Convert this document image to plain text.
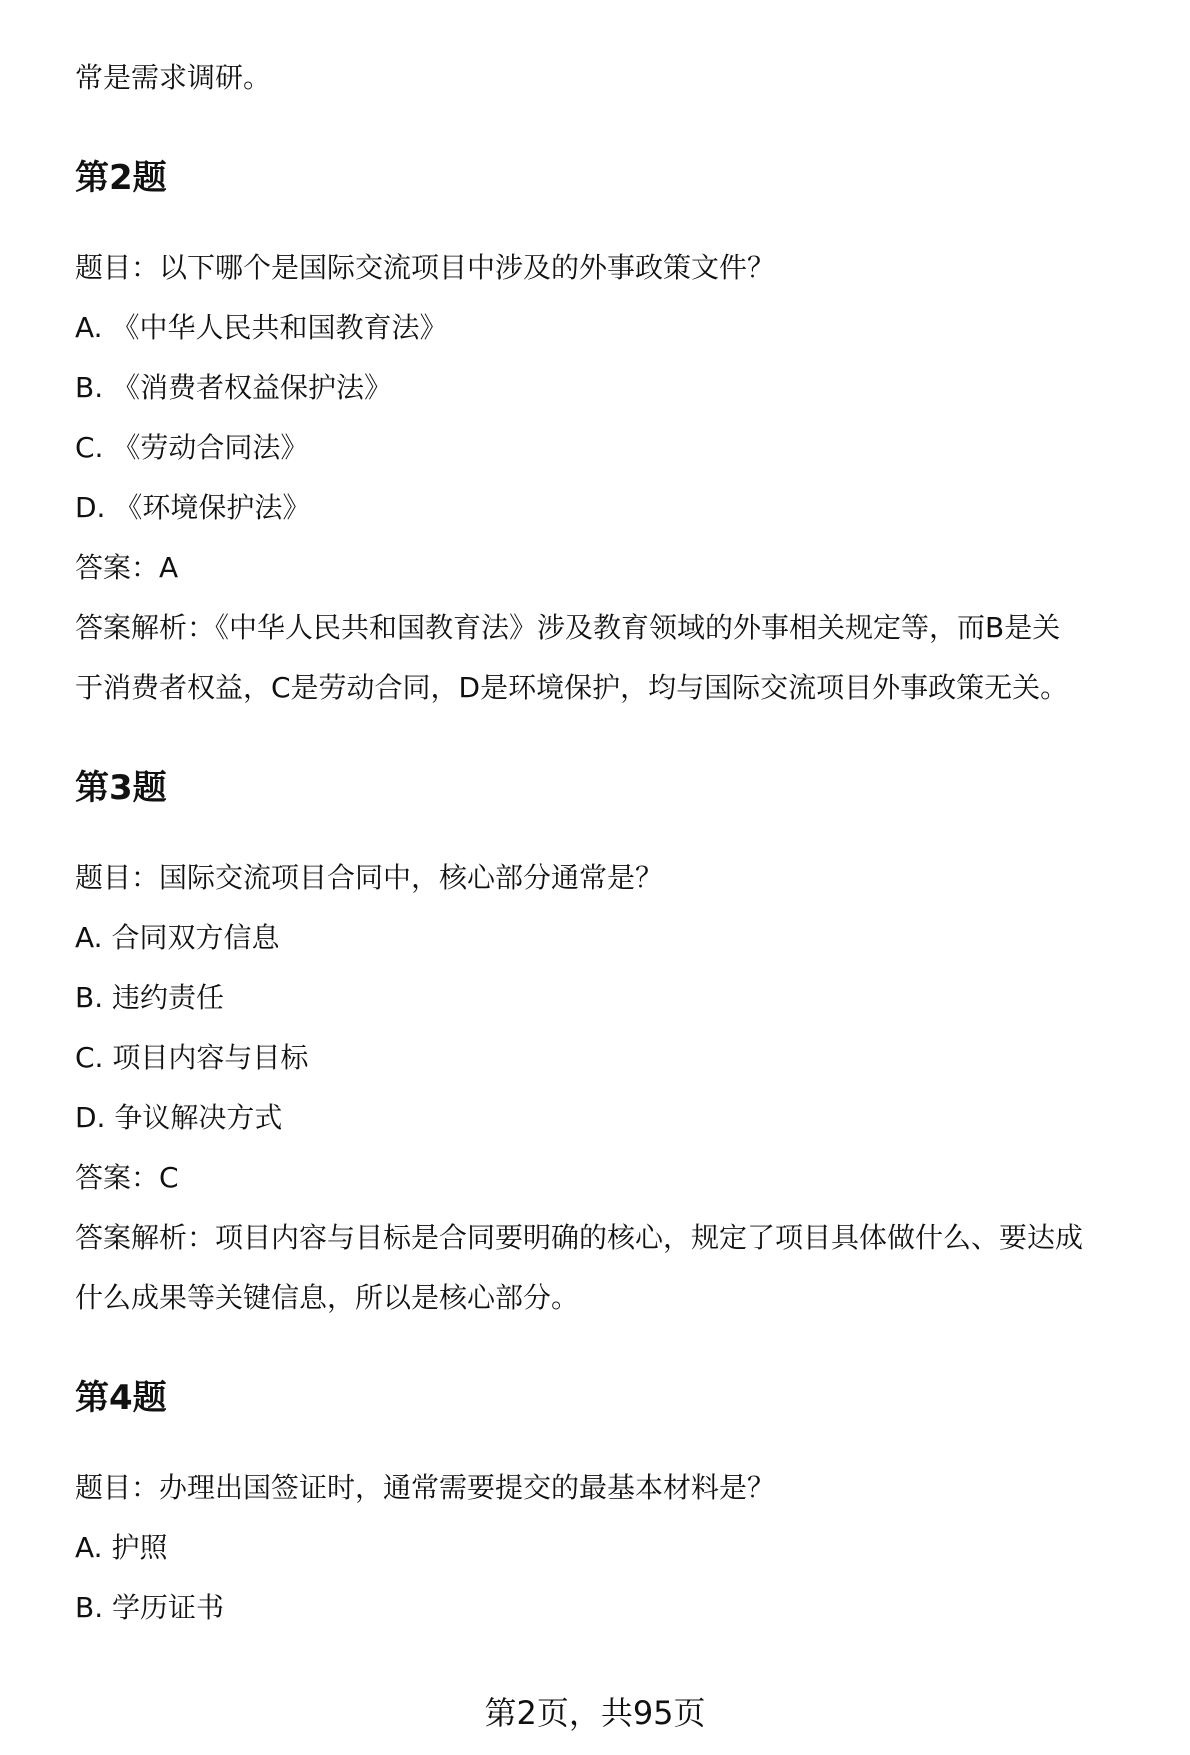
常是需求调研。
第2题
题目：以下哪个是国际交流项目中涉及的外事政策文件？
A. 《中华人民共和国教育法》
B. 《消费者权益保护法》
C. 《劳动合同法》
D. 《环境保护法》
答案：A
答案解析：《中华人民共和国教育法》涉及教育领域的外事相关规定等，而B是关
于消费者权益，C是劳动合同，D是环境保护，均与国际交流项目外事政策无关。
第3题
题目：国际交流项目合同中，核心部分通常是？
A. 合同双方信息
B. 违约责任
C. 项目内容与目标
D. 争议解决方式
答案：C
答案解析：项目内容与目标是合同要明确的核心，规定了项目具体做什么、要达成
什么成果等关键信息，所以是核心部分。
第4题
题目：办理出国签证时，通常需要提交的最基本材料是？
A. 护照
B. 学历证书
第2页，共95页
